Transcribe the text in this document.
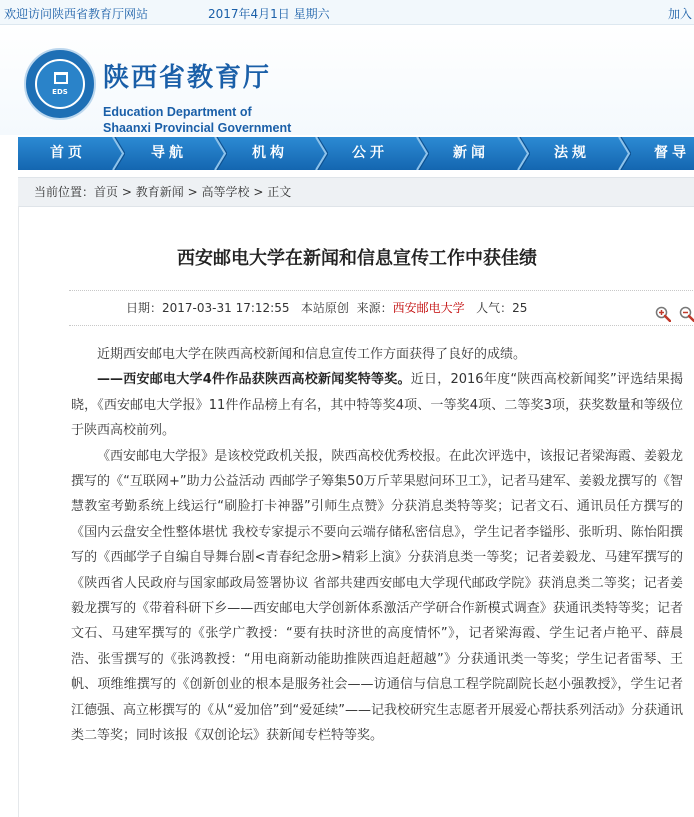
欢迎访问陕西省教育厅网站	2017年4月1日 星期六	加入
EDS	陕西省教育厅
Education Department of
Shaanxi Provincial Government
首页	导航	机构	公开	新闻	法规	督导
当前位置： 首页 > 教育新闻 > 高等学校 > 正文
西安邮电大学在新闻和信息宣传工作中获佳绩
日期：2017-03-31 17:12:55 本站原创 来源：西安邮电大学 人气：25

近期西安邮电大学在陕西高校新闻和信息宣传工作方面获得了良好的成绩。

——西安邮电大学4件作品获陕西高校新闻奖特等奖。近日，2016年度“陕西高校新闻奖”评选结果揭晓，《西安邮电大学报》11件作品榜上有名，其中特等奖4项、一等奖4项、二等奖3项，获奖数量和等级位于陕西高校前列。

《西安邮电大学报》是该校党政机关报，陕西高校优秀校报。在此次评选中，该报记者梁海霞、姜毅龙撰写的《“互联网+”助力公益活动 西邮学子筹集50万斤苹果慰问环卫工》，记者马建军、姜毅龙撰写的《智慧教室考勤系统上线运行“刷脸打卡神器”引师生点赞》分获消息类特等奖；记者文石、通讯员任方撰写的《国内云盘安全性整体堪忧 我校专家提示不要向云端存储私密信息》，学生记者李镒彤、张昕玥、陈怡阳撰写的《西邮学子自编自导舞台剧<青春纪念册>精彩上演》分获消息类一等奖；记者姜毅龙、马建军撰写的《陕西省人民政府与国家邮政局签署协议 省部共建西安邮电大学现代邮政学院》获消息类二等奖；记者姜毅龙撰写的《带着科研下乡——西安邮电大学创新体系激活产学研合作新模式调查》获通讯类特等奖；记者文石、马建军撰写的《张学广教授：“要有扶时济世的高度情怀”》，记者梁海霞、学生记者卢艳平、薛晨浩、张雪撰写的《张鸿教授：“用电商新动能助推陕西追赶超越”》分获通讯类一等奖；学生记者雷琴、王帆、项维维撰写的《创新创业的根本是服务社会——访通信与信息工程学院副院长赵小强教授》，学生记者江德强、高立彬撰写的《从“爱加倍”到“爱延续”——记我校研究生志愿者开展爱心帮扶系列活动》分获通讯类二等奖；同时该报《双创论坛》获新闻专栏特等奖。
